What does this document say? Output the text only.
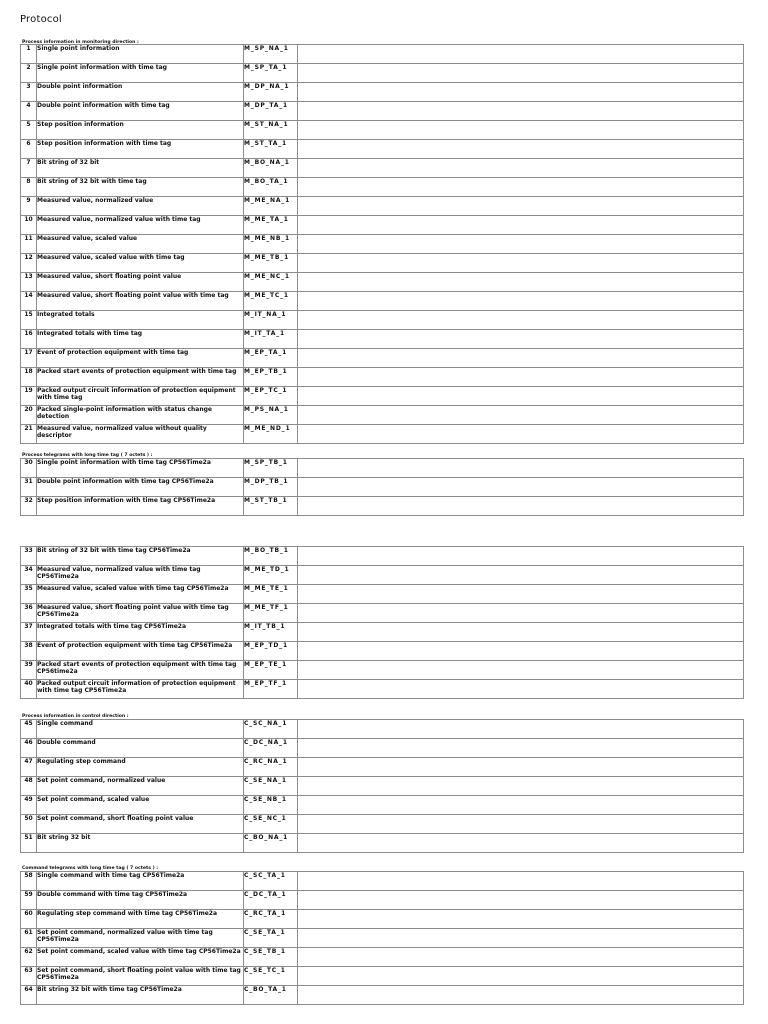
Protocol
Process information in monitoring direction :
1	Single point information	M_SP_NA_1	
2	Single point information with time tag	M_SP_TA_1	
3	Double point information	M_DP_NA_1	
4	Double point information with time tag	M_DP_TA_1	
5	Step position information	M_ST_NA_1	
6	Step position information with time tag	M_ST_TA_1	
7	Bit string of 32 bit	M_BO_NA_1	
8	Bit string of 32 bit with time tag	M_BO_TA_1	
9	Measured value, normalized value	M_ME_NA_1	
10	Measured value, normalized value with time tag	M_ME_TA_1	
11	Measured value, scaled value	M_ME_NB_1	
12	Measured value, scaled value with time tag	M_ME_TB_1	
13	Measured value, short floating point value	M_ME_NC_1	
14	Measured value, short floating point value with time tag	M_ME_TC_1	
15	Integrated totals	M_IT_NA_1	
16	Integrated totals with time tag	M_IT_TA_1	
17	Event of protection equipment with time tag	M_EP_TA_1	
18	Packed start events of protection equipment with time tag	M_EP_TB_1	
19	Packed output circuit information of protection equipment with time tag	M_EP_TC_1	
20	Packed single-point information with status change detection	M_PS_NA_1	
21	Measured value, normalized value without quality descriptor	M_ME_ND_1	
Process telegrams with long time tag ( 7 octets ) :
30	Single point information with time tag CP56Time2a	M_SP_TB_1	
31	Double point information with time tag CP56Time2a	M_DP_TB_1	
32	Step position information with time tag CP56Time2a	M_ST_TB_1	
33	Bit string of 32 bit with time tag CP56Time2a	M_BO_TB_1	
34	Measured value, normalized value with time tag CP56Time2a	M_ME_TD_1	
35	Measured value, scaled value with time tag CP56Time2a	M_ME_TE_1	
36	Measured value, short floating point value with time tag CP56Time2a	M_ME_TF_1	
37	Integrated totals with time tag CP56Time2a	M_IT_TB_1	
38	Event of protection equipment with time tag CP56Time2a	M_EP_TD_1	
39	Packed start events of protection equipment with time tag CP56time2a	M_EP_TE_1	
40	Packed output circuit information of protection equipment with time tag CP56Time2a	M_EP_TF_1	
Process information in control direction :
45	Single command	C_SC_NA_1	
46	Double command	C_DC_NA_1	
47	Regulating step command	C_RC_NA_1	
48	Set point command, normalized value	C_SE_NA_1	
49	Set point command, scaled value	C_SE_NB_1	
50	Set point command, short floating point value	C_SE_NC_1	
51	Bit string 32 bit	C_BO_NA_1	
Command telegrams with long time tag ( 7 octets ) :
58	Single command with time tag CP56Time2a	C_SC_TA_1	
59	Double command with time tag CP56Time2a	C_DC_TA_1	
60	Regulating step command with time tag CP56Time2a	C_RC_TA_1	
61	Set point command, normalized value with time tag CP56Time2a	C_SE_TA_1	
62	Set point command, scaled value with time tag CP56Time2a	C_SE_TB_1	
63	Set point command, short floating point value with time tag CP56Time2a	C_SE_TC_1	
64	Bit string 32 bit with time tag CP56Time2a	C_BO_TA_1	
